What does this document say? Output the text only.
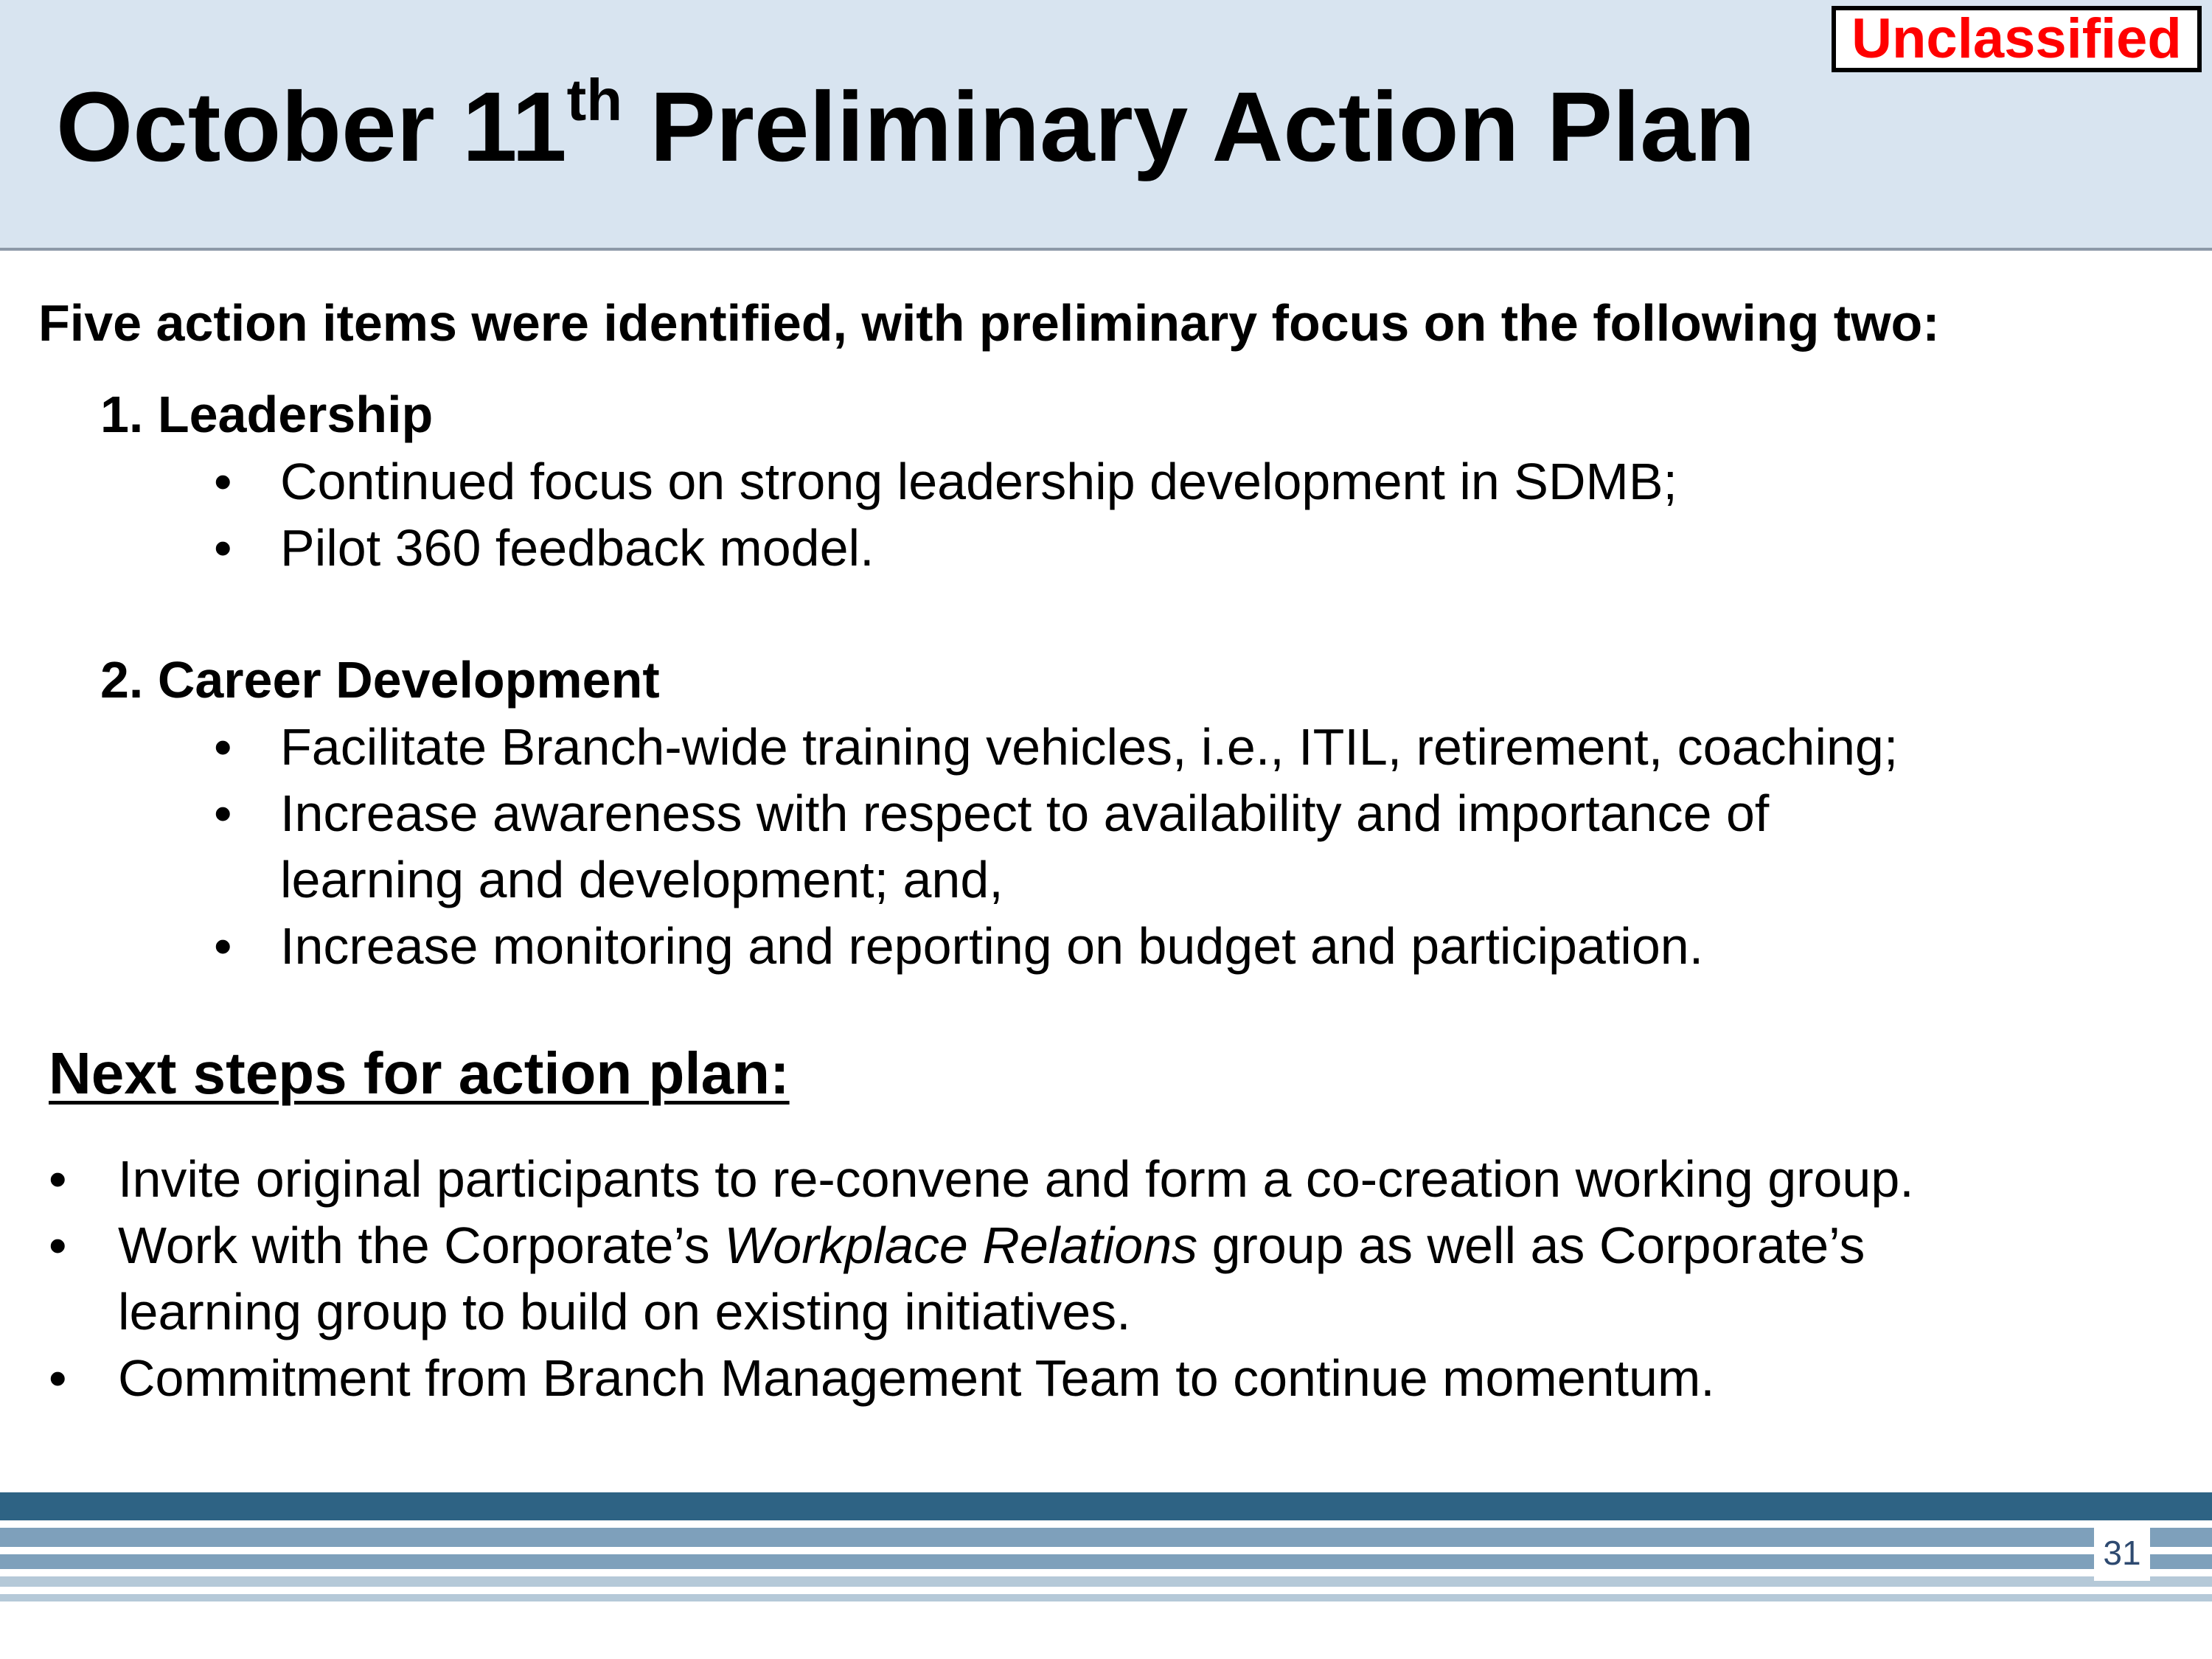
Unclassified
October 11th Preliminary Action Plan
Five action items were identified, with preliminary focus on the following two:
1. Leadership
• Continued focus on strong leadership development in SDMB;
• Pilot 360 feedback model.
2. Career Development
• Facilitate Branch-wide training vehicles, i.e., ITIL, retirement, coaching;
• Increase awareness with respect to availability and importance of
learning and development; and,
• Increase monitoring and reporting on budget and participation.
Next steps for action plan:
• Invite original participants to re-convene and form a co-creation working group.
• Work with the Corporate’s Workplace Relations group as well as Corporate’s
learning group to build on existing initiatives.
• Commitment from Branch Management Team to continue momentum.
31
